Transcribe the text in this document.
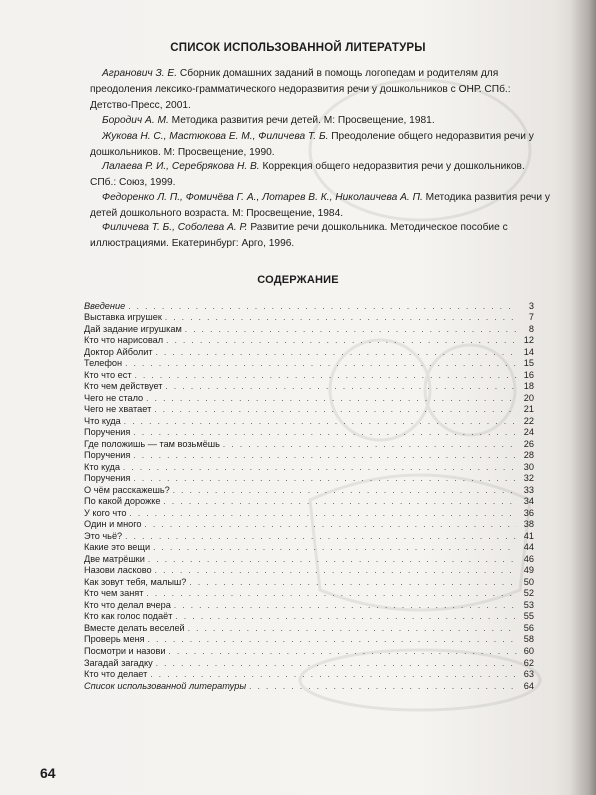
СПИСОК ИСПОЛЬЗОВАННОЙ ЛИТЕРАТУРЫ

Агранович З. Е. Сборник домашних заданий в помощь логопедам и родителям для преодоления лексико-грамматического недоразвития речи у дошкольников с ОНР. СПб.: Детство-Пресс, 2001.

Бородич А. М. Методика развития речи детей. М: Просвещение, 1981.

Жукова Н. С., Мастюкова Е. М., Филичева Т. Б. Преодоление общего недоразвития речи у дошкольников. М: Просвещение, 1990.

Лалаева Р. И., Серебрякова Н. В. Коррекция общего недоразвития речи у дошкольников. СПб.: Союз, 1999.

Федоренко Л. П., Фомичёва Г. А., Лотарев В. К., Николаичева А. П. Методика развития речи у детей дошкольного возраста. М: Просвещение, 1984.

Филичева Т. Б., Соболева А. Р. Развитие речи дошкольника. Методическое пособие с иллюстрациями. Екатеринбург: Арго, 1996.

СОДЕРЖАНИЕ
Введение . . .	3
Выставка игрушек . . .	7
Дай задание игрушкам . . .	8
Кто что нарисовал . . .	12
Доктор Айболит . . .	14
Телефон . . .	15
Кто что ест . . .	16
Кто чем действует . . .	18
Чего не стало . . .	20
Чего не хватает . . .	21
Что куда . . .	22
Поручения . . .	24
Где положишь — там возьмёшь . . .	26
Поручения . . .	28
Кто куда . . .	30
Поручения . . .	32
О чём расскажешь? . . .	33
По какой дорожке . . .	34
У кого что . . .	36
Один и много . . .	38
Это чьё? . . .	41
Какие это вещи . . .	44
Две матрёшки . . .	46
Назови ласково . . .	49
Как зовут тебя, малыш? . . .	50
Кто чем занят . . .	52
Кто что делал вчера . . .	53
Кто как голос подаёт . . .	55
Вместе делать веселей . . .	56
Проверь меня . . .	58
Посмотри и назови . . .	60
Загадай загадку . . .	62
Кто что делает . . .	63
Список использованной литературы . . .	64
64
